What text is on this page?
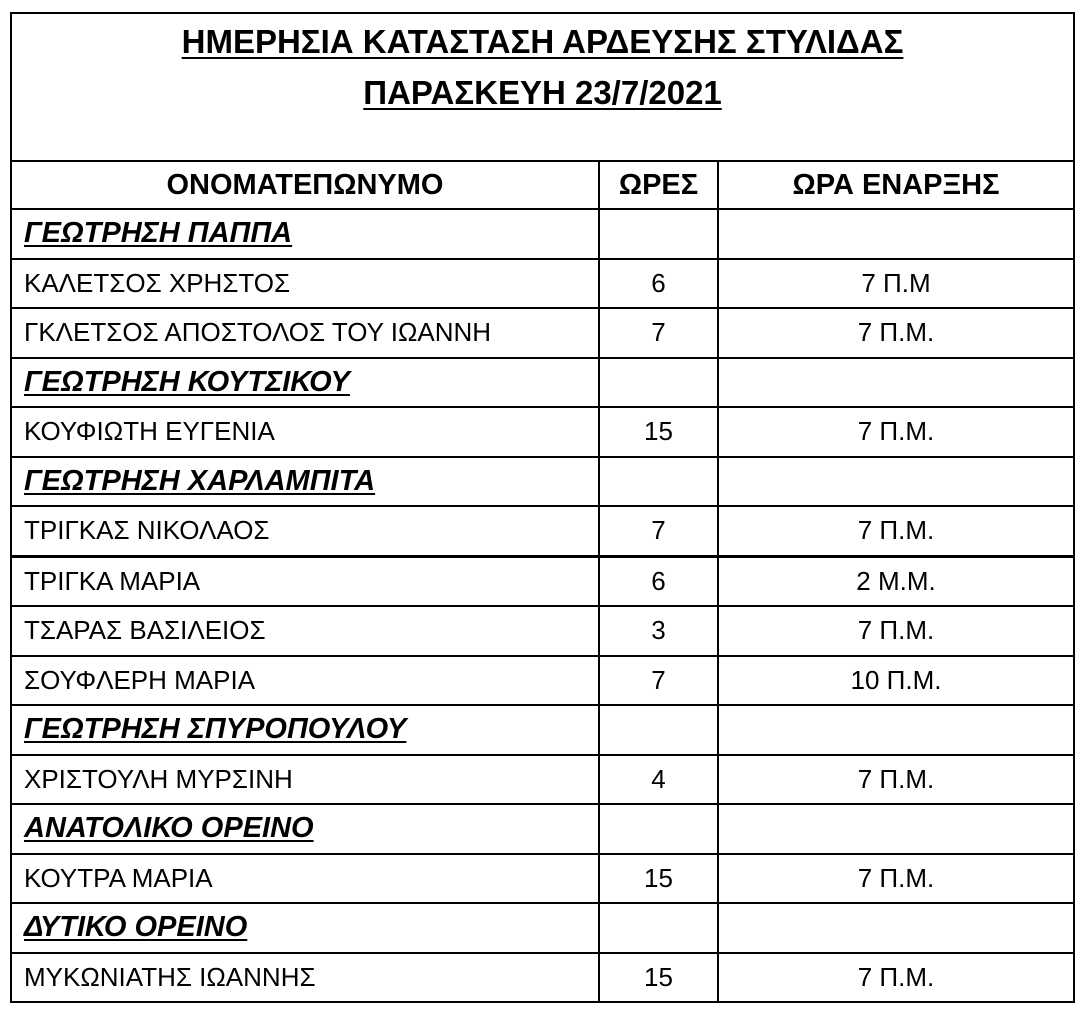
ΗΜΕΡΗΣΙΑ ΚΑΤΑΣΤΑΣΗ ΑΡΔΕΥΣΗΣ ΣΤΥΛΙΔΑΣ
ΠΑΡΑΣΚΕΥΗ 23/7/2021		

ΟΝΟΜΑΤΕΠΩΝΥΜΟ	ΩΡΕΣ	ΩΡΑ ΕΝΑΡΞΗΣ
ΓΕΩΤΡΗΣΗ ΠΑΠΠΑ		
ΚΑΛΕΤΣΟΣ ΧΡΗΣΤΟΣ	6	7 Π.Μ
ΓΚΛΕΤΣΟΣ ΑΠΟΣΤΟΛΟΣ ΤΟΥ ΙΩΑΝΝΗ	7	7 Π.Μ.
ΓΕΩΤΡΗΣΗ ΚΟΥΤΣΙΚΟΥ		
ΚΟΥΦΙΩΤΗ ΕΥΓΕΝΙΑ	15	7 Π.Μ.
ΓΕΩΤΡΗΣΗ ΧΑΡΛΑΜΠΙΤΑ		
ΤΡΙΓΚΑΣ ΝΙΚΟΛΑΟΣ	7	7 Π.Μ.
ΤΡΙΓΚΑ ΜΑΡΙΑ	6	2 Μ.Μ.
ΤΣΑΡΑΣ ΒΑΣΙΛΕΙΟΣ	3	7 Π.Μ.
ΣΟΥΦΛΕΡΗ ΜΑΡΙΑ	7	10 Π.Μ.
ΓΕΩΤΡΗΣΗ ΣΠΥΡΟΠΟΥΛΟΥ		
ΧΡΙΣΤΟΥΛΗ ΜΥΡΣΙΝΗ	4	7 Π.Μ.
ΑΝΑΤΟΛΙΚΟ ΟΡΕΙΝΟ		
ΚΟΥΤΡΑ ΜΑΡΙΑ	15	7 Π.Μ.
ΔΥΤΙΚΟ ΟΡΕΙΝΟ		
ΜΥΚΩΝΙΑΤΗΣ ΙΩΑΝΝΗΣ	15	7 Π.Μ.
